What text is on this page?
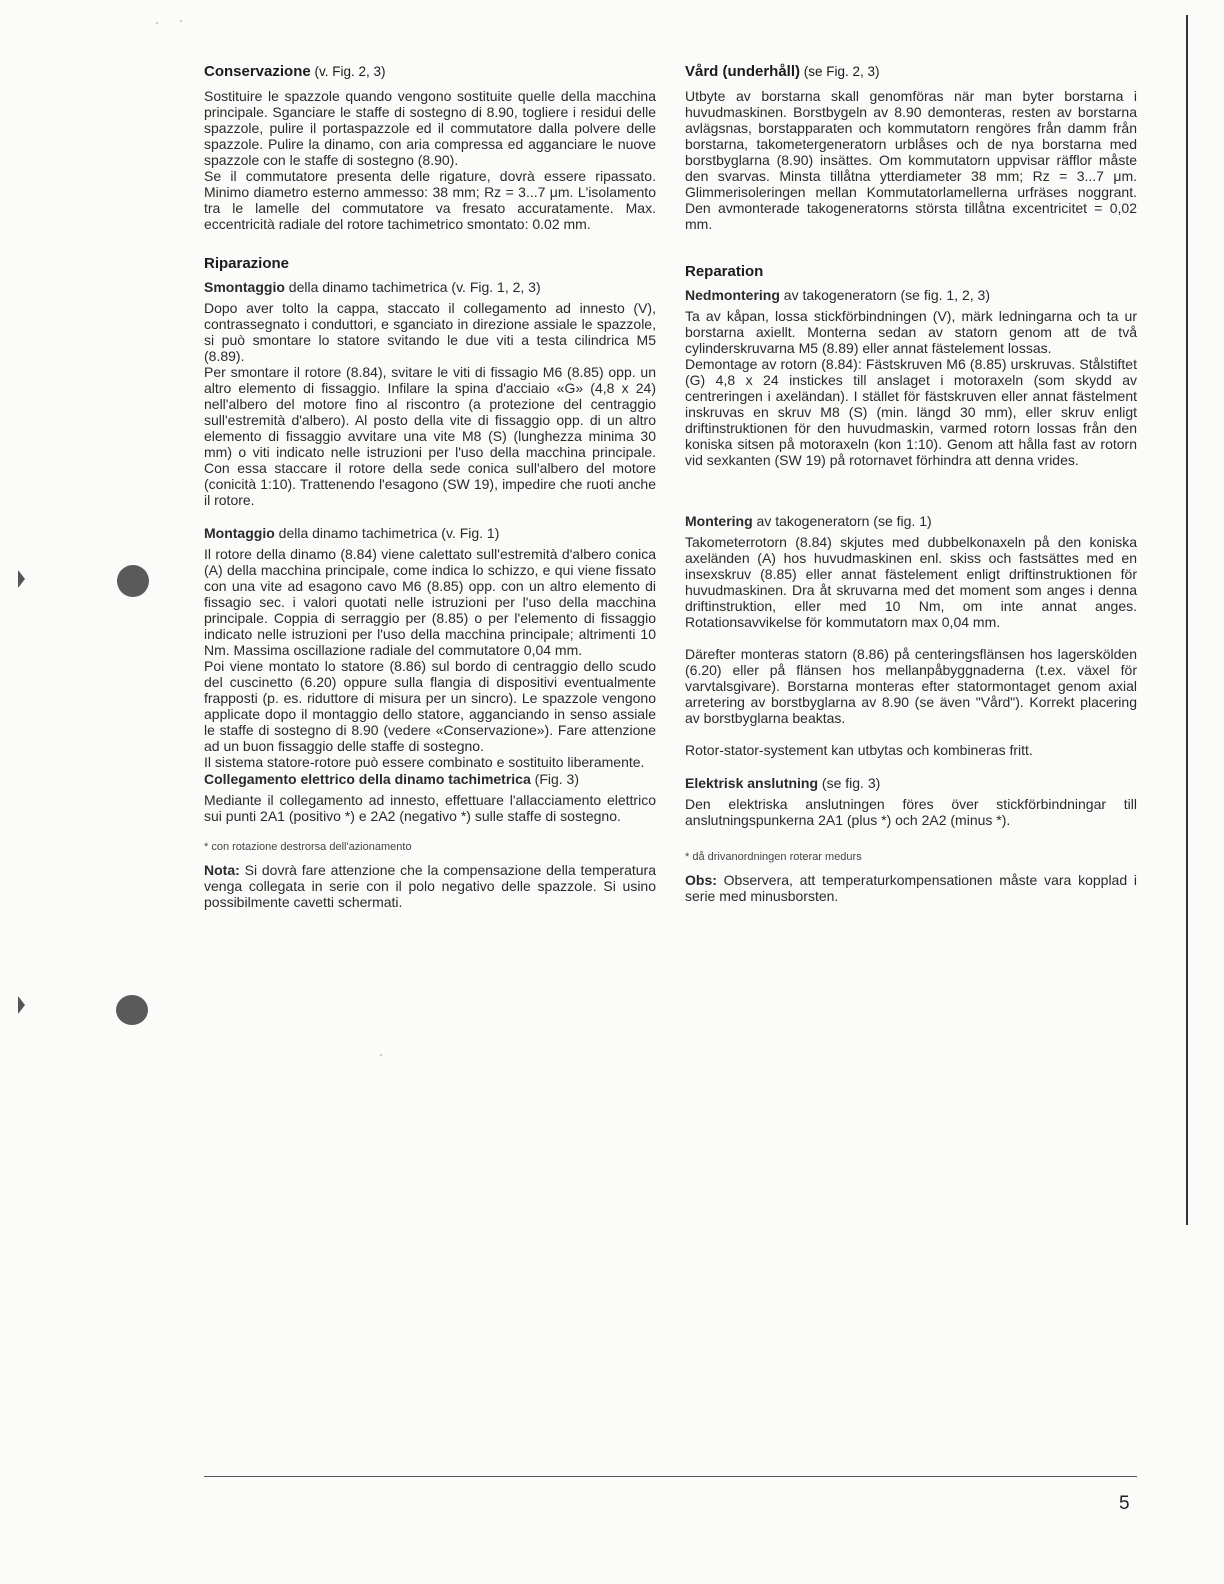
Conservazione (v. Fig. 2, 3)

Sostituire le spazzole quando vengono sostituite quelle della macchina principale. Sganciare le staffe di sostegno di 8.90, togliere i residui delle spazzole, pulire il portaspazzole ed il commutatore dalla polvere delle spazzole. Pulire la dinamo, con aria compressa ed agganciare le nuove spazzole con le staffe di sostegno (8.90).
Se il commutatore presenta delle rigature, dovrà essere ripassato. Minimo diametro esterno ammesso: 38 mm; Rz = 3...7 μm. L'isolamento tra le lamelle del commutatore va fresato accuratamente. Max. eccentricità radiale del rotore tachimetrico smontato: 0.02 mm.

Riparazione
Smontaggio della dinamo tachimetrica (v. Fig. 1, 2, 3)

Dopo aver tolto la cappa, staccato il collegamento ad innesto (V), contrassegnato i conduttori, e sganciato in direzione assiale le spazzole, si può smontare lo statore svitando le due viti a testa cilindrica M5 (8.89).
Per smontare il rotore (8.84), svitare le viti di fissagio M6 (8.85) opp. un altro elemento di fissaggio. Infilare la spina d'acciaio «G» (4,8 x 24) nell'albero del motore fino al riscontro (a protezione del centraggio sull'estremità d'albero). Al posto della vite di fissaggio opp. di un altro elemento di fissaggio avvitare una vite M8 (S) (lunghezza minima 30 mm) o viti indicato nelle istruzioni per l'uso della macchina principale. Con essa staccare il rotore della sede conica sull'albero del motore (conicità 1:10). Trattenendo l'esagono (SW 19), impedire che ruoti anche il rotore.

Montaggio della dinamo tachimetrica (v. Fig. 1)

Il rotore della dinamo (8.84) viene calettato sull'estremità d'albero conica (A) della macchina principale, come indica lo schizzo, e qui viene fissato con una vite ad esagono cavo M6 (8.85) opp. con un altro elemento di fissagio sec. i valori quotati nelle istruzioni per l'uso della macchina principale. Coppia di serraggio per (8.85) o per l'elemento di fissaggio indicato nelle istruzioni per l'uso della macchina principale; altrimenti 10 Nm. Massima oscillazione radiale del commutatore 0,04 mm.
Poi viene montato lo statore (8.86) sul bordo di centraggio dello scudo del cuscinetto (6.20) oppure sulla flangia di dispositivi eventualmente frapposti (p. es. riduttore di misura per un sincro). Le spazzole vengono applicate dopo il montaggio dello statore, agganciando in senso assiale le staffe di sostegno di 8.90 (vedere «Conservazione»). Fare attenzione ad un buon fissaggio delle staffe di sostegno.
Il sistema statore-rotore può essere combinato e sostituito liberamente.

Collegamento elettrico della dinamo tachimetrica (Fig. 3)

Mediante il collegamento ad innesto, effettuare l'allacciamento elettrico sui punti 2A1 (positivo *) e 2A2 (negativo *) sulle staffe di sostegno.

* con rotazione destrorsa dell'azionamento

Nota: Si dovrà fare attenzione che la compensazione della temperatura venga collegata in serie con il polo negativo delle spazzole. Si usino possibilmente cavetti schermati.

Vård (underhåll) (se Fig. 2, 3)

Utbyte av borstarna skall genomföras när man byter borstarna i huvudmaskinen. Borstbygeln av 8.90 demonteras, resten av borstarna avlägsnas, borstapparaten och kommutatorn rengöres från damm från borstarna, takometergeneratorn urblåses och de nya borstarna med borstbyglarna (8.90) insättes. Om kommutatorn uppvisar räfflor måste den svarvas. Minsta tillåtna ytterdiameter 38 mm; Rz = 3...7 μm. Glimmerisoleringen mellan Kommutatorlamellerna urfräses noggrant. Den avmonterade takogeneratorns största tillåtna excentricitet = 0,02 mm.

Reparation
Nedmontering av takogeneratorn (se fig. 1, 2, 3)

Ta av kåpan, lossa stickförbindningen (V), märk ledningarna och ta ur borstarna axiellt. Monterna sedan av statorn genom att de två cylinderskruvarna M5 (8.89) eller annat fästelement lossas.
Demontage av rotorn (8.84): Fästskruven M6 (8.85) urskruvas. Stålstiftet (G) 4,8 x 24 instickes till anslaget i motoraxeln (som skydd av centreringen i axeländan). I stället för fästskruven eller annat fästelment inskruvas en skruv M8 (S) (min. längd 30 mm), eller skruv enligt driftinstruktionen för den huvudmaskin, varmed rotorn lossas från den koniska sitsen på motoraxeln (kon 1:10). Genom att hålla fast av rotorn vid sexkanten (SW 19) på rotornavet förhindra att denna vrides.

Montering av takogeneratorn (se fig. 1)

Takometerrotorn (8.84) skjutes med dubbelkonaxeln på den koniska axeländen (A) hos huvudmaskinen enl. skiss och fastsättes med en insexskruv (8.85) eller annat fästelement enligt driftinstruktionen för huvudmaskinen. Dra åt skruvarna med det moment som anges i denna driftinstruktion, eller med 10 Nm, om inte annat anges. Rotationsavvikelse för kommutatorn max 0,04 mm.

Därefter monteras statorn (8.86) på centeringsflänsen hos lagerskölden (6.20) eller på flänsen hos mellanpåbyggnaderna (t.ex. växel för varvtalsgivare). Borstarna monteras efter statormontaget genom axial arretering av borstbyglarna av 8.90 (se även "Vård"). Korrekt placering av borstbyglarna beaktas.

Rotor-stator-systement kan utbytas och kombineras fritt.

Elektrisk anslutning (se fig. 3)

Den elektriska anslutningen föres över stickförbindningar till anslutningspunkerna 2A1 (plus *) och 2A2 (minus *).

* då drivanordningen roterar medurs

Obs: Observera, att temperaturkompensationen måste vara kopplad i serie med minusborsten.

5
